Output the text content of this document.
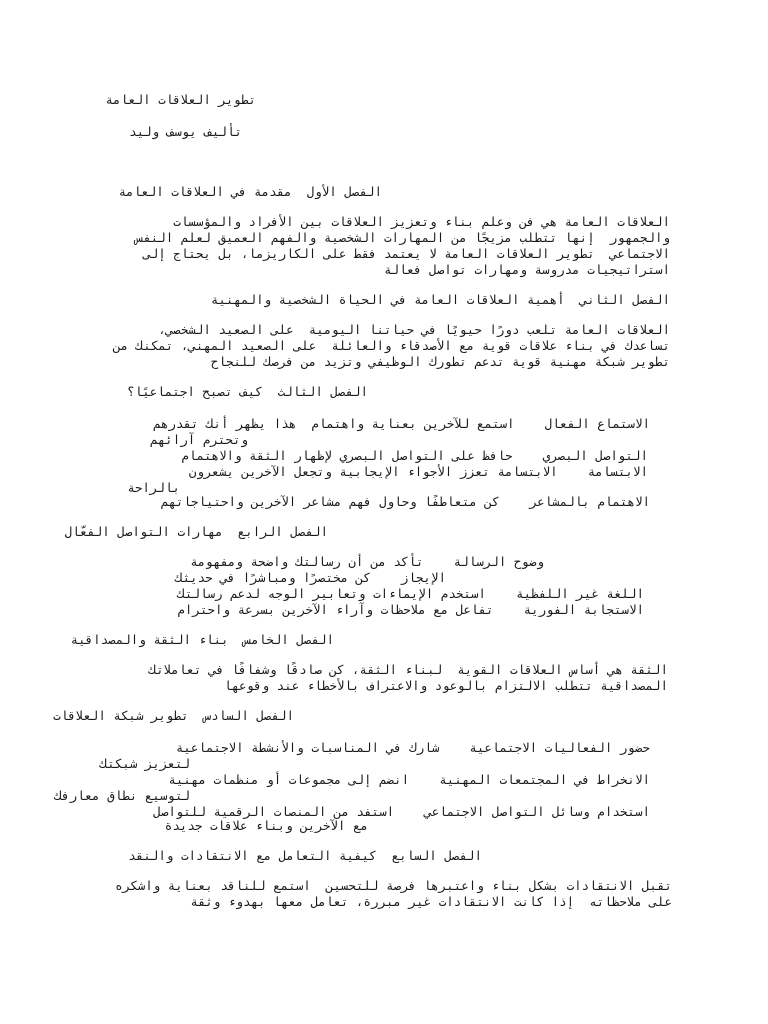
تطوير العلاقات العامة
تأليف يوسف وليد
الفصل الأول  مقدمة في العلاقات العامة
العلاقات العامة هي فن وعلم بناء وتعزيز العلاقات بين الأفراد والمؤسسات
والجمهور  إنها تتطلب مزيجًا من المهارات الشخصية والفهم العميق لعلم النفس
الاجتماعي  تطوير العلاقات العامة لا يعتمد فقط على الكاريزما، بل يحتاج إلى
استراتيجيات مدروسة ومهارات تواصل فعالة
الفصل الثاني  أهمية العلاقات العامة في الحياة الشخصية والمهنية
العلاقات العامة تلعب دورًا حيويًا في حياتنا اليومية  على الصعيد الشخصي،
تساعدك في بناء علاقات قوية مع الأصدقاء والعائلة  على الصعيد المهني، تمكنك من
تطوير شبكة مهنية قوية تدعم تطورك الوظيفي وتزيد من فرصك للنجاح
الفصل الثالث  كيف تصبح اجتماعيًا؟
الاستماع الفعال    استمع للآخرين بعناية واهتمام  هذا يظهر أنك تقدرهم
وتحترم آرائهم
التواصل البصري    حافظ على التواصل البصري لإظهار الثقة والاهتمام
الابتسامة    الابتسامة تعزز الأجواء الإيجابية وتجعل الآخرين يشعرون
بالراحة
الاهتمام بالمشاعر    كن متعاطفًا وحاول فهم مشاعر الآخرين واحتياجاتهم
الفصل الرابع  مهارات التواصل الفعّال
وضوح الرسالة    تأكد من أن رسالتك واضحة ومفهومة
الإيجاز    كن مختصرًا ومباشرًا في حديثك
اللغة غير اللفظية    استخدم الإيماءات وتعابير الوجه لدعم رسالتك
الاستجابة الفورية    تفاعل مع ملاحظات وآراء الآخرين بسرعة واحترام
الفصل الخامس  بناء الثقة والمصداقية
الثقة هي أساس العلاقات القوية  لبناء الثقة، كن صادقًا وشفافًا في تعاملاتك
المصداقية تتطلب الالتزام بالوعود والاعتراف بالأخطاء عند وقوعها
الفصل السادس  تطوير شبكة العلاقات
حضور الفعاليات الاجتماعية    شارك في المناسبات والأنشطة الاجتماعية
لتعزيز شبكتك
الانخراط في المجتمعات المهنية    انضم إلى مجموعات أو منظمات مهنية
لتوسيع نطاق معارفك
استخدام وسائل التواصل الاجتماعي    استفد من المنصات الرقمية للتواصل
مع الآخرين وبناء علاقات جديدة
الفصل السابع  كيفية التعامل مع الانتقادات والنقد
تقبل الانتقادات بشكل بناء واعتبرها فرصة للتحسين  استمع للناقد بعناية واشكره
على ملاحظاته  إذا كانت الانتقادات غير مبررة، تعامل معها بهدوء وثقة
